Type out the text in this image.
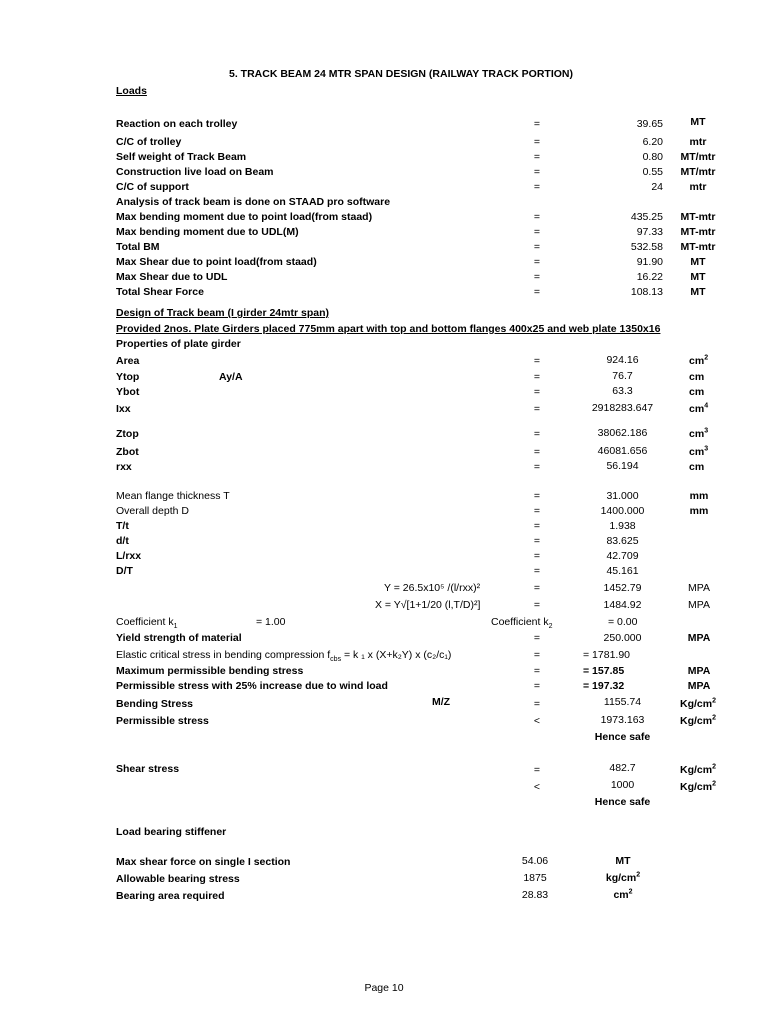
5. TRACK BEAM 24 MTR SPAN DESIGN (RAILWAY TRACK PORTION)
Loads
Reaction on each trolley	=	39.65	MT
C/C of trolley	=	6.20	mtr
Self weight of Track Beam	=	0.80	MT/mtr
Construction live load on Beam	=	0.55	MT/mtr
C/C of support	=	24	mtr
Analysis of track beam is done on STAAD pro software
Max bending moment due to point load(from staad)	=	435.25	MT-mtr
Max bending moment due to UDL(M)	=	97.33	MT-mtr
Total BM	=	532.58	MT-mtr
Max Shear due to point load(from staad)	=	91.90	MT
Max Shear due to UDL	=	16.22	MT
Total Shear Force	=	108.13	MT
Design of Track beam (I girder 24mtr span)
Provided 2nos. Plate Girders placed 775mm apart with top and bottom flanges 400x25 and web plate 1350x16
Properties of plate girder
Area	=	924.16	$cm^2$
Ytop	Ay/A	=	76.7	cm
Ybot	=	63.3	cm
Ixx	=	2918283.647	$cm^4$
Ztop	=	38062.186	$cm^3$
Zbot	=	46081.656	$cm^3$
rxx	=	56.194	cm
Mean flange thickness T	=	31.000	mm
Overall depth D	=	1400.000	mm
T/t	=	1.938
d/t	=	83.625
L/rxx	=	42.709
D/T	=	45.161
Y = 26.5x10⁵ /(l/rxx)²	=	1452.79	MPA
X = Y√[1+1/20 (l,T/D)²]	=	1484.92	MPA
Coefficient $k_1$	= 1.00	Coefficient $k_2$	= 0.00
Yield strength of material	=	250.000	MPA
Elastic critical stress in bending compression $f_{cbs} = k$ ₁ x (X+k₂Y) x (c₂/c₁)	=	= 1781.90
Maximum permissible bending stress	=	= 157.85	MPA
Permissible stress with 25% increase due to wind load	=	= 197.32	MPA
Bending Stress	M/Z	=	1155.74	$Kg/cm^2$
Permissible stress	<	1973.163	$Kg/cm^2$
Hence safe
Shear stress	=	482.7	$Kg/cm^2$
<	1000	$Kg/cm^2$
Hence safe
Load bearing stiffener
Max shear force on single I section	54.06	MT
Allowable bearing stress	1875	$kg/cm^2$
Bearing area required	28.83	$cm^2$
Page 10
